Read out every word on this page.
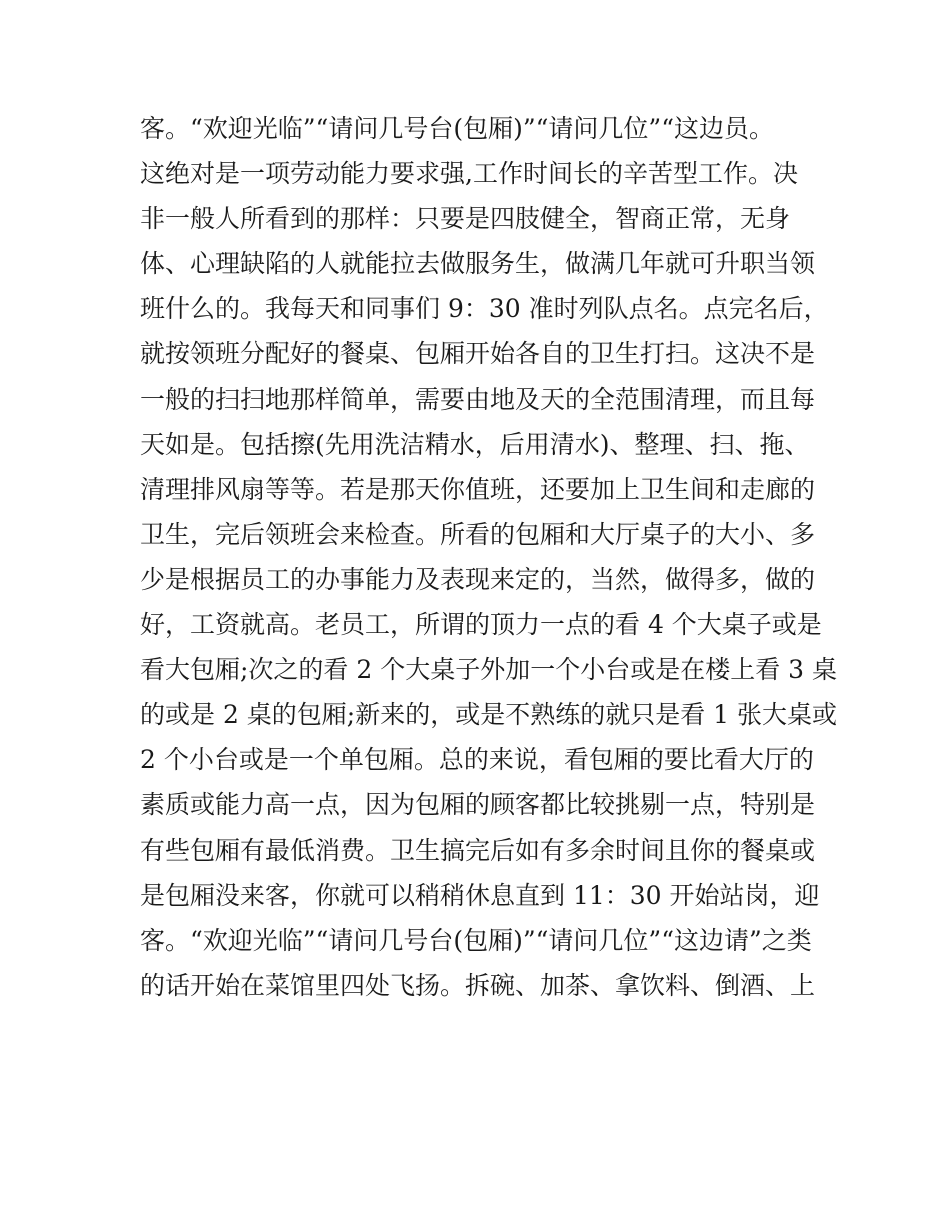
客。“欢迎光临”“请问几号台(包厢)”“请问几位”“这边员。
这绝对是一项劳动能力要求强,工作时间长的辛苦型工作。决
非一般人所看到的那样：只要是四肢健全，智商正常，无身
体、心理缺陷的人就能拉去做服务生，做满几年就可升职当领
班什么的。我每天和同事们 9：30 准时列队点名。点完名后，
就按领班分配好的餐桌、包厢开始各自的卫生打扫。这决不是
一般的扫扫地那样简单，需要由地及天的全范围清理，而且每
天如是。包括擦(先用洗洁精水，后用清水)、整理、扫、拖、
清理排风扇等等。若是那天你值班，还要加上卫生间和走廊的
卫生，完后领班会来检查。所看的包厢和大厅桌子的大小、多
少是根据员工的办事能力及表现来定的，当然，做得多，做的
好，工资就高。老员工，所谓的顶力一点的看 4 个大桌子或是
看大包厢;次之的看 2 个大桌子外加一个小台或是在楼上看 3 桌
的或是 2 桌的包厢;新来的，或是不熟练的就只是看 1 张大桌或
2 个小台或是一个单包厢。总的来说，看包厢的要比看大厅的
素质或能力高一点，因为包厢的顾客都比较挑剔一点，特别是
有些包厢有最低消费。卫生搞完后如有多余时间且你的餐桌或
是包厢没来客，你就可以稍稍休息直到 11：30 开始站岗，迎
客。“欢迎光临”“请问几号台(包厢)”“请问几位”“这边请”之类
的话开始在菜馆里四处飞扬。拆碗、加茶、拿饮料、倒酒、上
